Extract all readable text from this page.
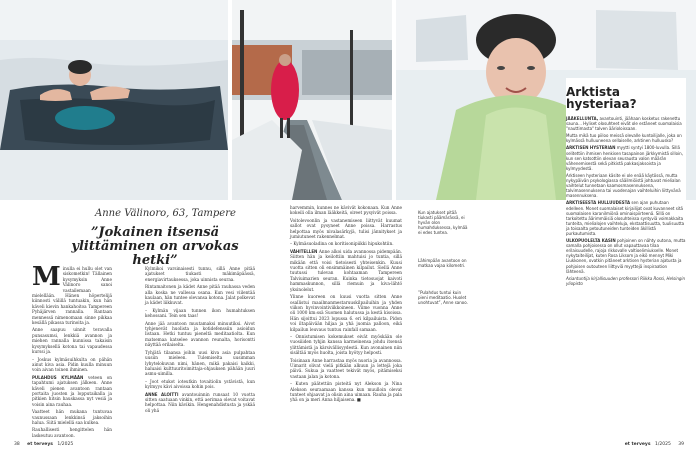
Anne Välinoro, 63, Tampere
”Jokainen itsensä ylittäminen on arvokas hetki”

Minulla ei hullu olet van siskometkin! Tällainen kysymyksin Anne Välinoro sanoi vastailemaan mielellään. Hänen höpertelijä kiinnosti välillä tuntuakin, kun hän käveli kievin hankahoitoa Tampereen Pyhäjärven rannalla. Rantaan mennessä nimenomaan sinne pikkaa kesällä pikassa turinoita ja.

Anne saapuu uinnit teravalla punsasumsi, lenkkiä avannon ja miehen rannalla kunnissa takaisin kysymyksellä kotona tai vapaudessa kurssi ja.

– Joskus kylmäsuihkulta on pähän ainut kiva asia. Pidin kuulla minuun voin aivan toinen ihminen.

PULAHDUS KYLMÄÄN veteen on tapahtumi ajatuksen jälkeen. Anne käveli pienen avantoon rantaan portaita juosten ja lopputaikalla ja pitkien hitsin hauskassa nyt vesiä ja voisin aina rauhaa.

Vaatteet hän mukana tuntuvaa vaunussaan lenkkinsä jaksoihin halua. Siitä mielellä saa kulkea.

Rauhallisesti hengittelen hän laskeutuu avantoon.

Kylmikoi varsinaisesti tunnu, sillä Anne pitää ajatukset tiukasti mäkimäpäässä, energiavirtauksessa, joka uinnista seuraa.

Rintamaitonen ja kädet Anne pitää rauhassa veden alla koska ne vallessa osana. Kun vesi viilentää kaulaan, hän tuntee olevansa kotona. Jalat polkevat ja kädet liikkuvat.

– Kylmän vijaan tunnen ikon humahtuksen kehossani. Tein sen taas!

Anne jää avantoon muutamaksi minuutiksi. Aivot tyhjenevät huolista ja kotidefenssiin asioidun listaan. Hetki tuntuu pieneltä meditaatiolta. Kun matsemaa katselee avannon reunalta, horisontti näyttää erilaiselta.

Tyhjätä tilaansa joihin uusi kiva asia pulpahtaa uusiin mieleen. Tulemiselta uusimman lyhytelokuvan nimi, hänen, mikä pakaisi kaikki, haluaisi kulttuuritoimittaja-ohjauksen pähään juuri asmu-uimilla.

– Joot etukot ioteutkin tovaitiolin ystävistä, kun kylmyys kävi aivoissa kohin pois.

ANNE ALOITTI avantouinnin runsaat 10 vuotta sitten saatuaan vinkin, että aerimaa olevat voitavat helpottaa. Niin kävikin. Hengenahdistusta ja yskää oli yhä

harvemmin, kunnes ne kävivät kokonaan. Kun Anne kokeili olla ilman lääkkeitä, oireet pysyivät poissa.

Voitolevoonlin ja vastanemiseen liittyvät kuumat sallot ovat pysyneet Anne poissa. Harrastus helpottaa myös nivalasärkyjä, tulisi jännitykset ja jumiutuneet rakennelmat.

– Kylmäsuoladina on koritisonipiikki hipukohtiin.

VÄHITELLEN Anne alkoi uida avannossa pidempään. Siitten hän ja keilottiin mahtuisi jo tuntia, sillä mikään että voisi tietoisesti yhteisenkin. Kuusi vuotta sitten oli ensimmäinen kilpailut. Siellä Anne tuutussi tulevan kohtaaman Tampereen Talviuimarien seuran. Kuinka tietosuojat kaivoti hammaskunnon, sillä riemuin ja kiva-lähtö yksinolelut.

Ylinne kuoreen on kuusi vuotta sitten Anne osallistui maailmanmestaruuskilpailuihin ja yhden viikon hyvinvointiviikkoineen. Viime vuonna Anne oli 1000 km:ssä Suomen halutussa ja kestä kisoissa. Hän sijoittui 2023 lopussa 6. eri kilpailuista. Pidon voi iltapäivään hiljaa ja yhä juomia palloon, eikä kilpailun leuvaus tuntuu rainfall samaan.

– Onnistumisen kokemukset eivät myöskään ole vuosiiiden tyhjin kanssa karmeinensa johdu itsensä ylittämistä ja kärsivällisyydestä. Kun avonainen niin sisältää myös huolta, joista hyötyy helposti.

Toisinaan Anne harrastaa myös nuoria ja avannossa. Uimarit olivat vielä pitkään alkuun ja lettejä joka päivä. Sukua ja vaatteet tekivät myös, pitämiseksi vastaan jalan ja kotona.

– Kuten päätettiin pisteitä nyt Alekson ja Nina Alekson seuraamaan kanssa kun muulloin olevat tunteet ohjaavat ja olisin aina uimaan. Rauha ja pala yhä on ja meri Anna hiljaisena. ■

Kun ajatukset pitää tiukasti päämärässä, ei hyvän olon humahduksessa, kylmää ei edes tuntea.
Lähimpään avantoon on matkaa vajaa kilometri.
”Pulahdus tuntui kuin pieni meditaatio. Huolet unohtuvat”, Anne sanoo.
Arktista hysteriaa?

JÄÄKELLUNTA, avantouinti, jäähaan kosketus rakenettu sauna... Hyliset olosuhteet eivät ole estäneet suomalaisia "nauttimasta" talven äärioloissaan.

Mutta mikä tuo piiloo meissä olevalle kuntoilijalle, joka on kylmässä hulluuneena sellaiselle, arktinen hulluusko?

ARKTISEN HYSTERIAN myytti syntyi 1800-luvulla. Sillä selitettiin ihmisen henkisen tasapainon järkkymistä silloin, kun sen katsottiin olevan seurausta valon määrän vähenemisestä sekä pitkistä pakkasjaksoista ja kylmyydestä.

Arktiseen hysteriaan käsite ei ole enää käytössä, mutta nykypäivän psykologiassa sääilmiöistä johtuvat mielialan vaihtelut tunnetaan kaamosmasennuksena, talvimasennuksena tai vuodenajan vaihteluihin liittyvänä masennuksena.

ARKTISEESTA HULLUUDESTA sen ajan puhutaan edelleen. Monet suomalaiset kirjailijat ovat kuvanneet sitä suomalaisen karanilmiönä ominaispiirteenä. Sillä on tarkoitettu äärimmäisiä olosuhteissa syntyviä voimakkaita tunteita, mielialojen vaihteluja, ekstaattisuutta, tuulisuutta ja toisaalta petoutuneiden tunteiden äkillistä purkautumista.

ULKOPUOLELTA KASIN pohjoinen on nähty outona, mutta samalla pohjoisessa on ollut vapauttavaa tilaa erilaisuudelle, rajoja rikkovalle valtioelimiukselle. Monet nykytaiteilijat, kuten Rosa Liksom ja eikö mennyt Miki Liukkonen, ovatkin pitäneet arktisen hysterian ajatusta ja pohjoisen outouteen liittyviä myyttejä inspiraation lähteenä.

Asiantuntija kirjallisuuden professori Riikka Rossi, Helsingin yliopisto

38 et terveys 1/2025	et terveys 1/2025 39
